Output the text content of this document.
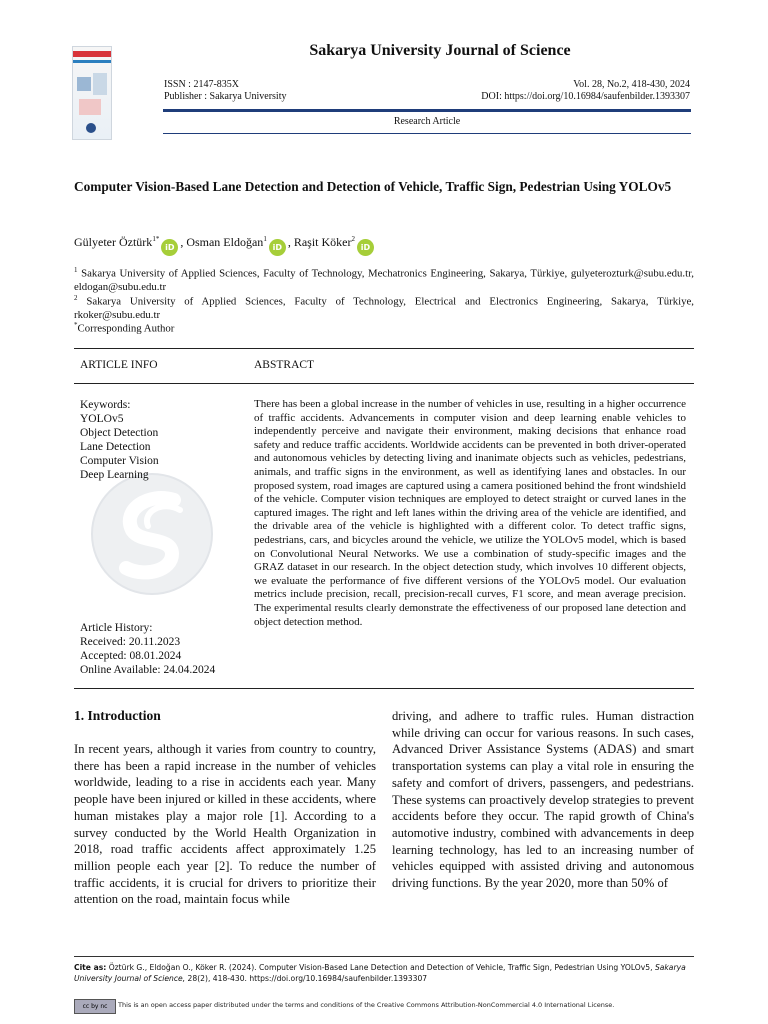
Sakarya University Journal of Science
ISSN : 2147-835X
Publisher : Sakarya University
Vol. 28, No.2, 418-430, 2024
DOI: https://doi.org/10.16984/saufenbilder.1393307
Research Article
Computer Vision-Based Lane Detection and Detection of Vehicle, Traffic Sign, Pedestrian Using YOLOv5
Gülyeter Öztürk$^{1*}$iD , Osman Eldoğan$^1$iD , Raşit Köker$^2$iD
$^1$ Sakarya University of Applied Sciences, Faculty of Technology, Mechatronics Engineering, Sakarya, Türkiye, gulyeterozturk@subu.edu.tr, eldogan@subu.edu.tr
$^2$ Sakarya University of Applied Sciences, Faculty of Technology, Electrical and Electronics Engineering, Sakarya, Türkiye, rkoker@subu.edu.tr
*Corresponding Author
ARTICLE INFO	ABSTRACT
Keywords:
YOLOv5
Object Detection
Lane Detection
Computer Vision
Deep Learning
Article History:
Received: 20.11.2023
Accepted: 08.01.2024
Online Available: 24.04.2024
There has been a global increase in the number of vehicles in use, resulting in a higher occurrence of traffic accidents. Advancements in computer vision and deep learning enable vehicles to independently perceive and navigate their environment, making decisions that enhance road safety and reduce traffic accidents. Worldwide accidents can be prevented in both driver-operated and autonomous vehicles by detecting living and inanimate objects such as vehicles, pedestrians, animals, and traffic signs in the environment, as well as identifying lanes and obstacles. In our proposed system, road images are captured using a camera positioned behind the front windshield of the vehicle. Computer vision techniques are employed to detect straight or curved lanes in the captured images. The right and left lanes within the driving area of the vehicle are identified, and the drivable area of the vehicle is highlighted with a different color. To detect traffic signs, pedestrians, cars, and bicycles around the vehicle, we utilize the YOLOv5 model, which is based on Convolutional Neural Networks. We use a combination of study-specific images and the GRAZ dataset in our research. In the object detection study, which involves 10 different objects, we evaluate the performance of five different versions of the YOLOv5 model. Our evaluation metrics include precision, recall, precision-recall curves, F1 score, and mean average precision. The experimental results clearly demonstrate the effectiveness of our proposed lane detection and object detection method.
1. Introduction
In recent years, although it varies from country to country, there has been a rapid increase in the number of vehicles worldwide, leading to a rise in accidents each year. Many people have been injured or killed in these accidents, where human mistakes play a major role [1]. According to a survey conducted by the World Health Organization in 2018, road traffic accidents affect approximately 1.25 million people each year [2]. To reduce the number of traffic accidents, it is crucial for drivers to prioritize their attention on the road, maintain focus while
driving, and adhere to traffic rules. Human distraction while driving can occur for various reasons. In such cases, Advanced Driver Assistance Systems (ADAS) and smart transportation systems can play a vital role in ensuring the safety and comfort of drivers, passengers, and pedestrians. These systems can proactively develop strategies to prevent accidents before they occur. The rapid growth of China's automotive industry, combined with advancements in deep learning technology, has led to an increasing number of vehicles equipped with assisted driving and autonomous driving functions. By the year 2020, more than 50% of
Cite as: Öztürk G., Eldoğan O., Köker R. (2024). Computer Vision-Based Lane Detection and Detection of Vehicle, Traffic Sign, Pedestrian Using YOLOv5, Sakarya University Journal of Science, 28(2), 418-430. https://doi.org/10.16984/saufenbilder.1393307
cc by nc	This is an open access paper distributed under the terms and conditions of the Creative Commons Attribution-NonCommercial 4.0 International License.
